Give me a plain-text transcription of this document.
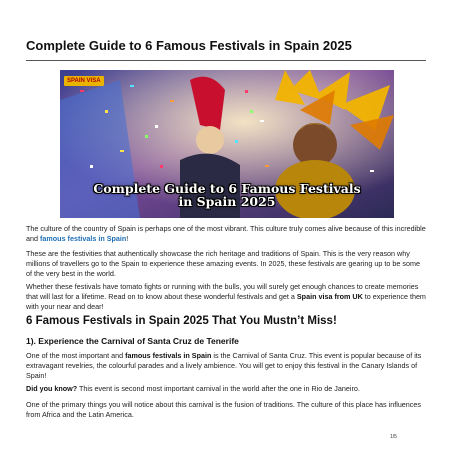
Complete Guide to 6 Famous Festivals in Spain 2025
SPAIN VISA
Complete Guide to 6 Famous Festivals
in Spain 2025

The culture of the country of Spain is perhaps one of the most vibrant. This culture truly comes alive because of this incredible and famous festivals in Spain!

These are the festivities that authentically showcase the rich heritage and traditions of Spain. This is the very reason why millions of travellers go to the Spain to experience these amazing events. In 2025, these festivals are gearing up to be some of the very best in the world.

Whether these festivals have tomato fights or running with the bulls, you will surely get enough chances to create memories that will last for a lifetime. Read on to know about these wonderful festivals and get a Spain visa from UK to experience them with your near and dear!

6 Famous Festivals in Spain 2025 That You Mustn’t Miss!
1). Experience the Carnival of Santa Cruz de Tenerife

One of the most important and famous festivals in Spain is the Carnival of Santa Cruz. This event is popular because of its extravagant revelries, the colourful parades and a lively ambience. You will get to enjoy this festival in the Canary Islands of Spain!

Did you know? This event is second most important carnival in the world after the one in Rio de Janeiro.

One of the primary things you will notice about this carnival is the fusion of traditions. The culture of this place has influences from Africa and the Latin America.

1/5
